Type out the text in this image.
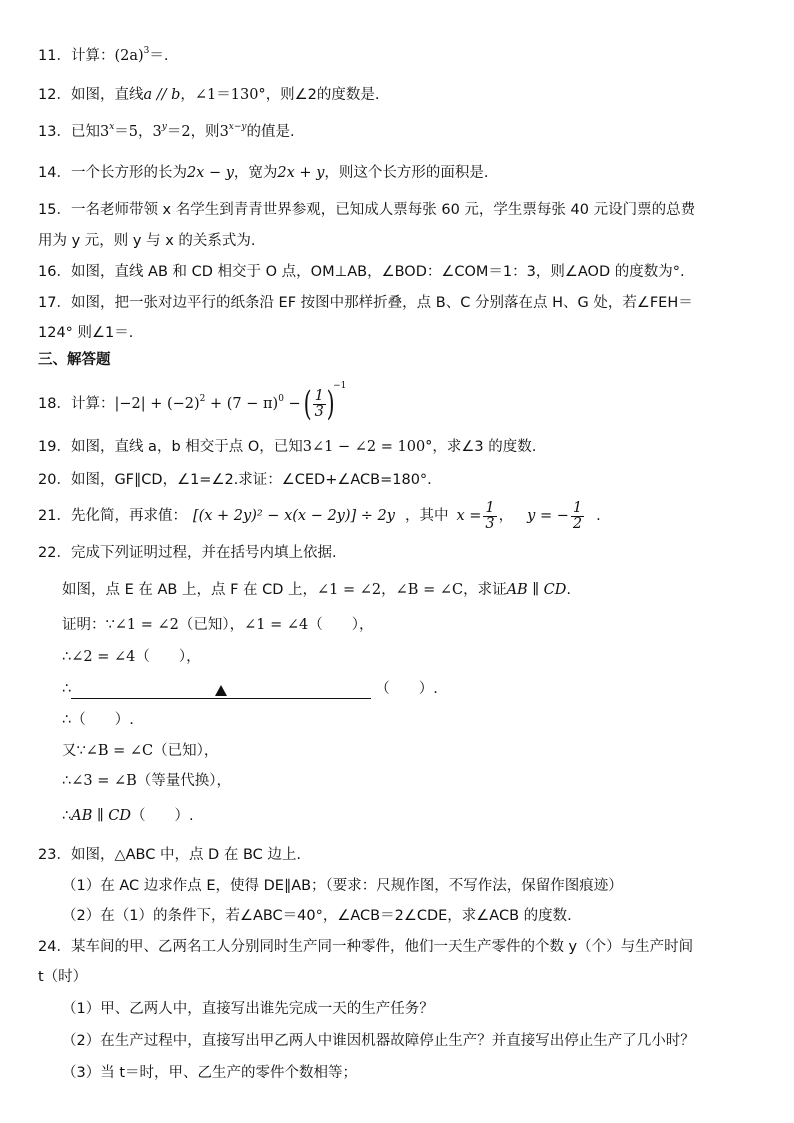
11．计算：$(2a)^3=$.
12．如图，直线a // b，∠1＝130°，则∠2的度数是.
13．已知$3^x=5$，$3^y=2$，则$3^{x-y}$的值是.
14．一个长方形的长为2x − y，宽为2x + y，则这个长方形的面积是.
15．一名老师带领 x 名学生到青青世界参观，已知成人票每张 60 元，学生票每张 40 元设门票的总费
用为 y 元，则 y 与 x 的关系式为.
16．如图，直线 AB 和 CD 相交于 O 点，OM⊥AB，∠BOD：∠COM＝1：3，则∠AOD 的度数为°.
17．如图，把一张对边平行的纸条沿 EF 按图中那样折叠，点 B、C 分别落在点 H、G 处，若∠FEH＝
124° 则∠1＝.
三、解答题
18．计算：$|-2| + (-2)^2 + (7 - \pi)^0$ − ( $\frac{1}{3} )^{-1}$
19．如图，直线 a，b 相交于点 O，已知3∠1 − ∠2 = 100°，求∠3 的度数.
20．如图，GF∥CD，∠1=∠2.求证：∠CED+∠ACB=180°.
21．先化简，再求值： [(x + 2y)² − x(x − 2y)] ÷ 2y ，其中 $x = \frac{1}{3}$ ， y = − $\frac{1}{2}$ .
22．完成下列证明过程，并在括号内填上依据.
如图，点 E 在 AB 上，点 F 在 CD 上，∠1 = ∠2，∠B = ∠C，求证AB ∥ CD.
证明：∵∠1 = ∠2（已知），∠1 = ∠4（　　），
∴∠2 = ∠4（　　），
∴	（　　）.
∴（　　）.
又∵∠B = ∠C（已知），
∴∠3 = ∠B（等量代换），
∴AB ∥ CD（　　）.
23．如图，△ABC 中，点 D 在 BC 边上.
（1）在 AC 边求作点 E，使得 DE∥AB；（要求：尺规作图，不写作法，保留作图痕迹）
（2）在（1）的条件下，若∠ABC＝40°，∠ACB＝2∠CDE，求∠ACB 的度数.
24．某车间的甲、乙两名工人分别同时生产同一种零件，他们一天生产零件的个数 y（个）与生产时间
t（时）
（1）甲、乙两人中，直接写出谁先完成一天的生产任务？
（2）在生产过程中，直接写出甲乙两人中谁因机器故障停止生产？并直接写出停止生产了几小时？
（3）当 t＝时，甲、乙生产的零件个数相等；
